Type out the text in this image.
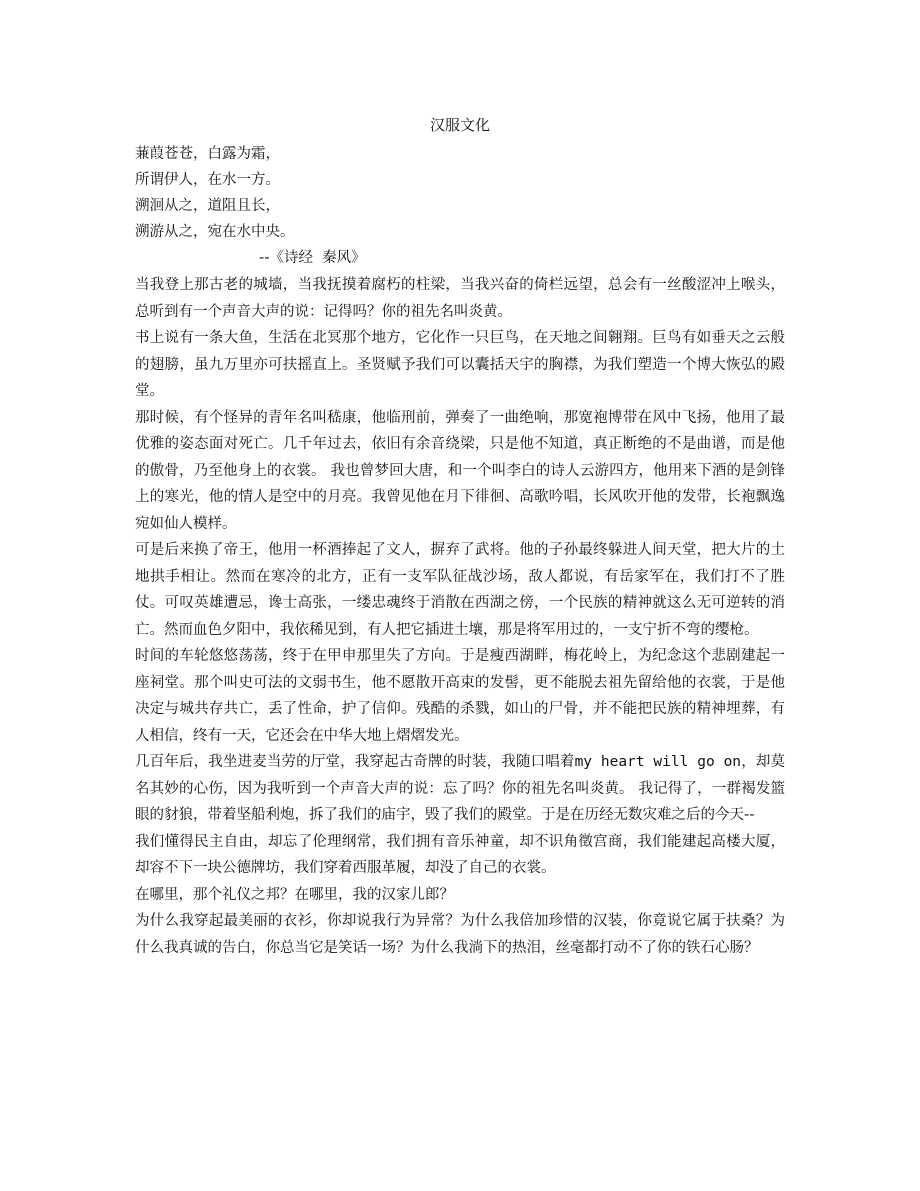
汉服文化
蒹葭苍苍，白露为霜，
所谓伊人，在水一方。
溯洄从之，道阻且长，
溯游从之，宛在水中央。
--《诗经  秦风》

当我登上那古老的城墙，当我抚摸着腐朽的柱梁，当我兴奋的倚栏远望，总会有一丝酸涩冲上喉头，总听到有一个声音大声的说：记得吗？你的祖先名叫炎黄。

书上说有一条大鱼，生活在北冥那个地方，它化作一只巨鸟，在天地之间翱翔。巨鸟有如垂天之云般的翅膀，虽九万里亦可扶摇直上。圣贤赋予我们可以囊括天宇的胸襟，为我们塑造一个博大恢弘的殿堂。

那时候，有个怪异的青年名叫嵇康，他临刑前，弹奏了一曲绝响，那宽袍博带在风中飞扬，他用了最优雅的姿态面对死亡。几千年过去，依旧有余音绕梁，只是他不知道，真正断绝的不是曲谱，而是他的傲骨，乃至他身上的衣裳。 我也曾梦回大唐，和一个叫李白的诗人云游四方，他用来下酒的是剑锋上的寒光，他的情人是空中的月亮。我曾见他在月下徘徊、高歌吟唱，长风吹开他的发带，长袍飘逸宛如仙人模样。

可是后来换了帝王，他用一杯酒捧起了文人，摒弃了武将。他的子孙最终躲进人间天堂，把大片的土地拱手相让。然而在寒冷的北方，正有一支军队征战沙场，敌人都说，有岳家军在，我们打不了胜仗。可叹英雄遭忌，谗士高张，一缕忠魂终于消散在西湖之傍，一个民族的精神就这么无可逆转的消亡。然而血色夕阳中，我依稀见到，有人把它插进土壤，那是将军用过的，一支宁折不弯的缨枪。

时间的车轮悠悠荡荡，终于在甲申那里失了方向。于是瘦西湖畔，梅花岭上，为纪念这个悲剧建起一座祠堂。那个叫史可法的文弱书生，他不愿散开高束的发髻，更不能脱去祖先留给他的衣裳，于是他决定与城共存共亡，丢了性命，护了信仰。残酷的杀戮，如山的尸骨，并不能把民族的精神埋葬，有人相信，终有一天，它还会在中华大地上熠熠发光。

几百年后，我坐进麦当劳的厅堂，我穿起古奇牌的时装，我随口唱着my heart will go on，却莫名其妙的心伤，因为我听到一个声音大声的说：忘了吗？你的祖先名叫炎黄。 我记得了，一群褐发篮眼的豺狼，带着坚船利炮，拆了我们的庙宇，毁了我们的殿堂。于是在历经无数灾难之后的今天--

我们懂得民主自由，却忘了伦理纲常，我们拥有音乐神童，却不识角徵宫商，我们能建起高楼大厦，却容不下一块公德牌坊，我们穿着西服革履，却没了自己的衣裳。

在哪里，那个礼仪之邦？在哪里，我的汉家儿郎？

为什么我穿起最美丽的衣衫，你却说我行为异常？为什么我倍加珍惜的汉装，你竟说它属于扶桑？为什么我真诚的告白，你总当它是笑话一场？为什么我淌下的热泪，丝毫都打动不了你的铁石心肠？
